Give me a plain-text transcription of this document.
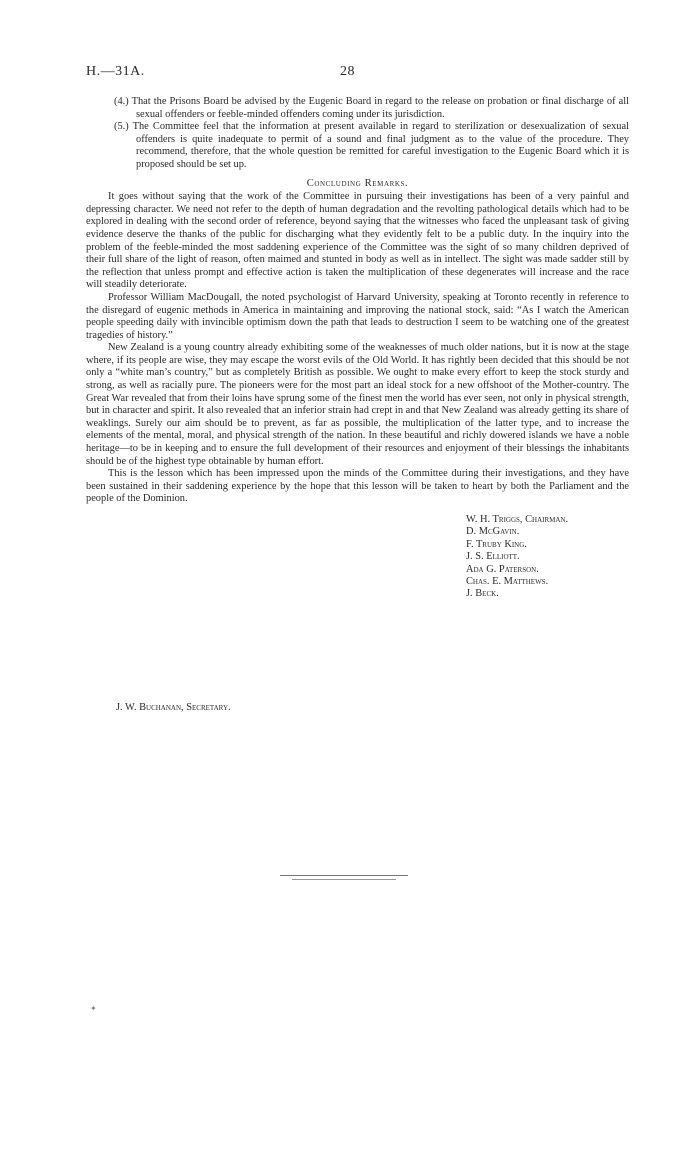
H.—31A.	28

(4.) That the Prisons Board be advised by the Eugenic Board in regard to the release on probation or final discharge of all sexual offenders or feeble-minded offenders coming under its jurisdiction.

(5.) The Committee feel that the information at present available in regard to sterilization or desexualization of sexual offenders is quite inadequate to permit of a sound and final judgment as to the value of the procedure. They recommend, therefore, that the whole question be remitted for careful investigation to the Eugenic Board which it is proposed should be set up.

Concluding Remarks.

It goes without saying that the work of the Committee in pursuing their investigations has been of a very painful and depressing character. We need not refer to the depth of human degradation and the revolting pathological details which had to be explored in dealing with the second order of reference, beyond saying that the witnesses who faced the unpleasant task of giving evidence deserve the thanks of the public for discharging what they evidently felt to be a public duty. In the inquiry into the problem of the feeble-minded the most saddening experience of the Committee was the sight of so many children deprived of their full share of the light of reason, often maimed and stunted in body as well as in intellect. The sight was made sadder still by the reflection that unless prompt and effective action is taken the multiplication of these degenerates will increase and the race will steadily deteriorate.

Professor William MacDougall, the noted psychologist of Harvard University, speaking at Toronto recently in reference to the disregard of eugenic methods in America in maintaining and improving the national stock, said: “As I watch the American people speeding daily with invincible optimism down the path that leads to destruction I seem to be watching one of the greatest tragedies of history.”

New Zealand is a young country already exhibiting some of the weaknesses of much older nations, but it is now at the stage where, if its people are wise, they may escape the worst evils of the Old World. It has rightly been decided that this should be not only a “white man’s country,” but as completely British as possible. We ought to make every effort to keep the stock sturdy and strong, as well as racially pure. The pioneers were for the most part an ideal stock for a new offshoot of the Mother-country. The Great War revealed that from their loins have sprung some of the finest men the world has ever seen, not only in physical strength, but in character and spirit. It also revealed that an inferior strain had crept in and that New Zealand was already getting its share of weaklings. Surely our aim should be to prevent, as far as possible, the multiplication of the latter type, and to increase the elements of the mental, moral, and physical strength of the nation. In these beautiful and richly dowered islands we have a noble heritage—to be in keeping and to ensure the full development of their resources and enjoyment of their blessings the inhabitants should be of the highest type obtainable by human effort.

This is the lesson which has been impressed upon the minds of the Committee during their investigations, and they have been sustained in their saddening experience by the hope that this lesson will be taken to heart by both the Parliament and the people of the Dominion.

W. H. Triggs, Chairman.
D. McGavin.
F. Truby King.
J. S. Elliott.
Ada G. Paterson.
Chas. E. Matthews.
J. Beck.
J. W. Buchanan, Secretary.
✦
